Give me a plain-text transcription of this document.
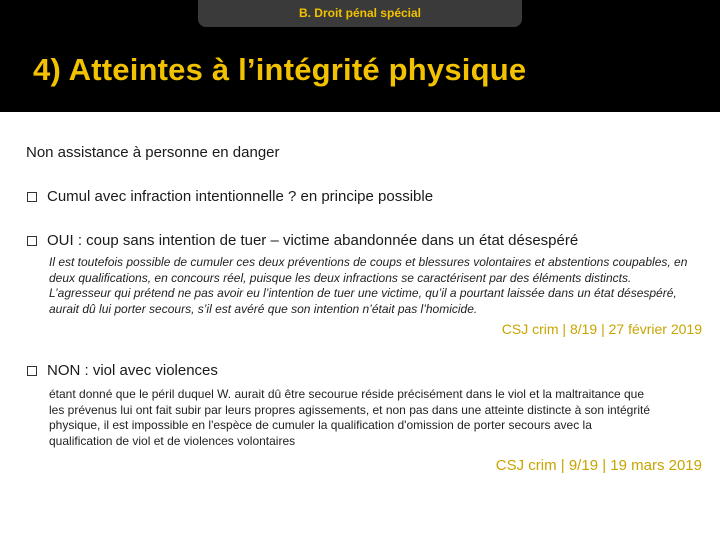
B. Droit pénal spécial
4) Atteintes à l’intégrité physique
Non assistance à personne en danger
Cumul avec infraction intentionnelle ? en principe possible
OUI : coup sans intention de tuer – victime abandonnée dans un état désespéré
Il est toutefois possible de cumuler ces deux préventions de coups et blessures volontaires et abstentions coupables, en
deux qualifications, en concours réel, puisque les deux infractions se caractérisent par des éléments distincts.
L’agresseur qui prétend ne pas avoir eu l’intention de tuer une victime, qu’il a pourtant laissée dans un état désespéré,
aurait dû lui porter secours, s’il est avéré que son intention n’était pas l’homicide.
CSJ crim | 8/19 | 27 février 2019
NON : viol avec violences
étant donné que le péril duquel W. aurait dû être secourue réside précisément dans le viol et la maltraitance que
les prévenus lui ont fait subir par leurs propres agissements, et non pas dans une atteinte distincte à son intégrité
physique, il est impossible en l'espèce de cumuler la qualification d'omission de porter secours avec la
qualification de viol et de violences volontaires
CSJ crim | 9/19 | 19 mars 2019
